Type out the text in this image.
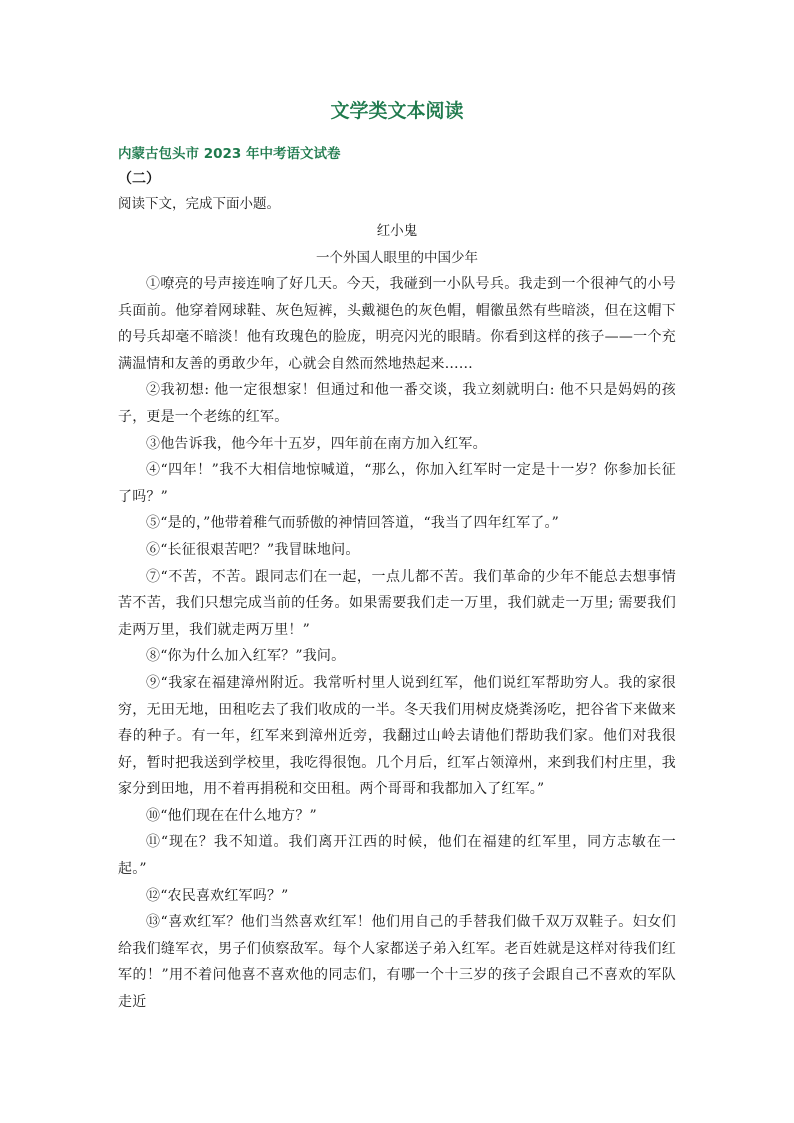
文学类文本阅读
内蒙古包头市 2023 年中考语文试卷
（二）
阅读下文，完成下面小题。
红小鬼
一个外国人眼里的中国少年

①嘹亮的号声接连响了好几天。今天，我碰到一小队号兵。我走到一个很神气的小号兵面前。他穿着网球鞋、灰色短裤，头戴褪色的灰色帽，帽徽虽然有些暗淡，但在这帽下的号兵却毫不暗淡！他有玫瑰色的脸庞，明亮闪光的眼睛。你看到这样的孩子——一个充满温情和友善的勇敢少年，心就会自然而然地热起来……

②我初想: 他一定很想家！但通过和他一番交谈，我立刻就明白: 他不只是妈妈的孩子，更是一个老练的红军。

③他告诉我，他今年十五岁，四年前在南方加入红军。

④“四年！”我不大相信地惊喊道，“那么，你加入红军时一定是十一岁？你参加长征了吗？”

⑤“是的，”他带着稚气而骄傲的神情回答道，“我当了四年红军了。”

⑥“长征很艰苦吧？”我冒昧地问。

⑦“不苦，不苦。跟同志们在一起，一点儿都不苦。我们革命的少年不能总去想事情苦不苦，我们只想完成当前的任务。如果需要我们走一万里，我们就走一万里; 需要我们走两万里，我们就走两万里！”

⑧“你为什么加入红军？”我问。

⑨“我家在福建漳州附近。我常听村里人说到红军，他们说红军帮助穷人。我的家很穷，无田无地，田租吃去了我们收成的一半。冬天我们用树皮烧粪汤吃，把谷省下来做来春的种子。有一年，红军来到漳州近旁，我翻过山岭去请他们帮助我们家。他们对我很好，暂时把我送到学校里，我吃得很饱。几个月后，红军占领漳州，来到我们村庄里，我家分到田地，用不着再捐税和交田租。两个哥哥和我都加入了红军。”

⑩“他们现在在什么地方？”

⑪“现在？我不知道。我们离开江西的时候，他们在福建的红军里，同方志敏在一起。”

⑫“农民喜欢红军吗？”

⑬“喜欢红军？他们当然喜欢红军！他们用自己的手替我们做千双万双鞋子。妇女们给我们缝军衣，男子们侦察敌军。每个人家都送子弟入红军。老百姓就是这样对待我们红军的！”用不着问他喜不喜欢他的同志们，有哪一个十三岁的孩子会跟自己不喜欢的军队走近
